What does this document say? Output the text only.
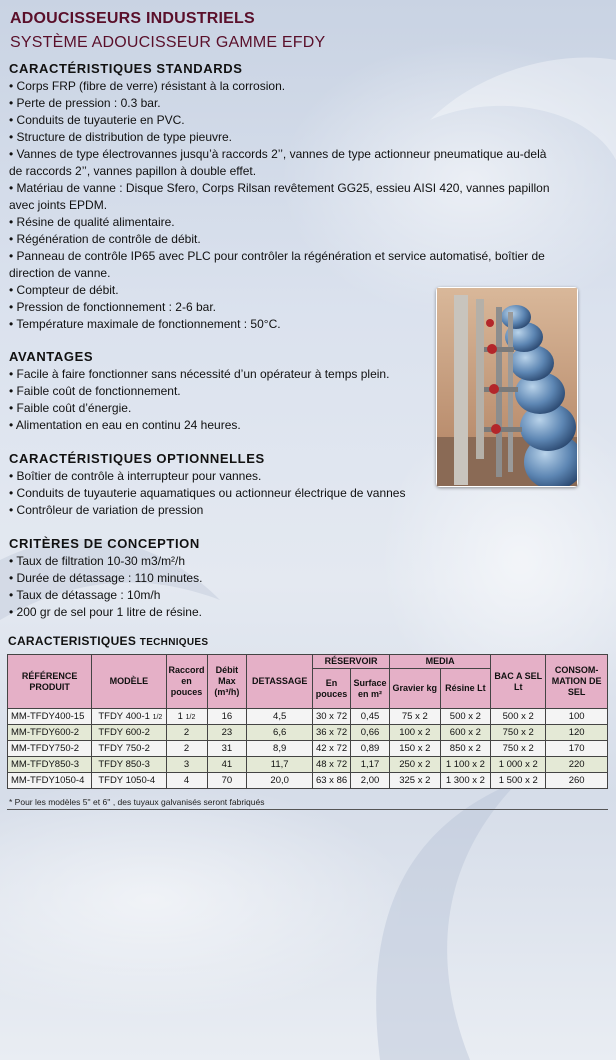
ADOUCISSEURS INDUSTRIELS
SYSTÈME ADOUCISSEUR GAMME EFDY
CARACTÉRISTIQUES STANDARDS
• Corps FRP (fibre de verre) résistant à la corrosion.
• Perte de pression : 0.3 bar.
• Conduits de tuyauterie en PVC.
• Structure de distribution de type pieuvre.
• Vannes de type électrovannes jusqu’à raccords 2’’, vannes de type actionneur pneumatique au-delà
de raccords 2’’, vannes papillon à double effet.
• Matériau de vanne : Disque Sfero, Corps Rilsan revêtement GG25, essieu AISI 420, vannes papillon
avec joints EPDM.
• Résine de qualité alimentaire.
• Régénération de contrôle de débit.
• Panneau de contrôle IP65 avec PLC pour contrôler la régénération et service automatisé, boîtier de
direction de vanne.
• Compteur de débit.
• Pression de fonctionnement : 2-6 bar.
• Température maximale de fonctionnement : 50°C.
AVANTAGES
• Facile à faire fonctionner sans nécessité d’un opérateur à temps plein.
• Faible coût de fonctionnement.
• Faible coût d’énergie.
• Alimentation en eau en continu 24 heures.
CARACTÉRISTIQUES OPTIONNELLES
• Boîtier de contrôle à interrupteur pour vannes.
• Conduits de tuyauterie aquamatiques ou actionneur électrique de vannes
• Contrôleur de variation de pression
CRITÈRES DE CONCEPTION
• Taux de filtration 10-30 m3/m²/h
• Durée de détassage : 110 minutes.
• Taux de détassage : 10m/h
• 200 gr de sel pour 1 litre de résine.
CARACTERISTIQUES TECHNIQUES
RÉFÉRENCE PRODUIT	MODÈLE	Raccord en pouces	Débit Max (m³/h)	DETASSAGE	RÉSERVOIR		MEDIA		BAC A SEL Lt	CONSOM-MATION DE SEL
					En pouces	Surface en m²	Gravier kg	Résine Lt		
MM-TFDY400-15	TFDY 400-1 1/2	1 1/2	16	4,5	30 x 72	0,45	75 x 2	500 x 2	500 x 2	100
MM-TFDY600-2	TFDY 600-2	2	23	6,6	36 x 72	0,66	100 x 2	600 x 2	750 x 2	120
MM-TFDY750-2	TFDY 750-2	2	31	8,9	42 x 72	0,89	150 x 2	850 x 2	750 x 2	170
MM-TFDY850-3	TFDY 850-3	3	41	11,7	48 x 72	1,17	250 x 2	1 100 x 2	1 000 x 2	220
MM-TFDY1050-4	TFDY 1050-4	4	70	20,0	63 x 86	2,00	325 x 2	1 300 x 2	1 500 x 2	260
* Pour les modèles 5'' et 6'' , des tuyaux galvanisés seront fabriqués
